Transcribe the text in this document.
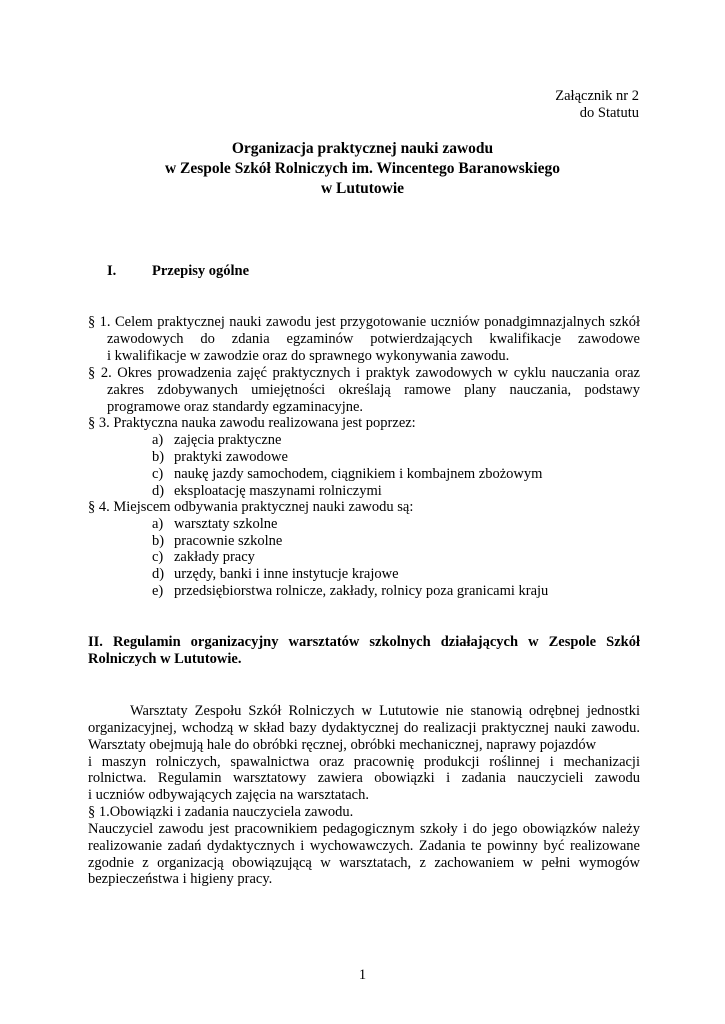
Załącznik nr 2
do Statutu
Organizacja praktycznej nauki zawodu
w Zespole Szkół Rolniczych im. Wincentego Baranowskiego
w Lututowie
I. Przepisy ogólne
§ 1. Celem praktycznej nauki zawodu jest przygotowanie uczniów ponadgimnazjalnych szkół
zawodowych do zdania egzaminów potwierdzających kwalifikacje zawodowe
i kwalifikacje w zawodzie oraz do sprawnego wykonywania zawodu.
§ 2. Okres prowadzenia zajęć praktycznych i praktyk zawodowych w cyklu nauczania oraz
zakres zdobywanych umiejętności określają ramowe plany nauczania, podstawy
programowe oraz standardy egzaminacyjne.
§ 3. Praktyczna nauka zawodu realizowana jest poprzez:
a) zajęcia praktyczne
b) praktyki zawodowe
c) naukę jazdy samochodem, ciągnikiem i kombajnem zbożowym
d) eksploatację maszynami rolniczymi
§ 4. Miejscem odbywania praktycznej nauki zawodu są:
a) warsztaty szkolne
b) pracownie szkolne
c) zakłady pracy
d) urzędy, banki i inne instytucje krajowe
e) przedsiębiorstwa rolnicze, zakłady, rolnicy poza granicami kraju
II. Regulamin organizacyjny warsztatów szkolnych działających w Zespole Szkół
Rolniczych w Lututowie.
Warsztaty Zespołu Szkół Rolniczych w Lututowie nie stanowią odrębnej jednostki
organizacyjnej, wchodzą w skład bazy dydaktycznej do realizacji praktycznej nauki zawodu.
Warsztaty obejmują hale do obróbki ręcznej, obróbki mechanicznej, naprawy pojazdów
i maszyn rolniczych, spawalnictwa oraz pracownię produkcji roślinnej i mechanizacji
rolnictwa. Regulamin warsztatowy zawiera obowiązki i zadania nauczycieli zawodu
i uczniów odbywających zajęcia na warsztatach.
§ 1.Obowiązki i zadania nauczyciela zawodu.
Nauczyciel zawodu jest pracownikiem pedagogicznym szkoły i do jego obowiązków należy
realizowanie zadań dydaktycznych i wychowawczych. Zadania te powinny być realizowane
zgodnie z organizacją obowiązującą w warsztatach, z zachowaniem w pełni wymogów
bezpieczeństwa i higieny pracy.
1
